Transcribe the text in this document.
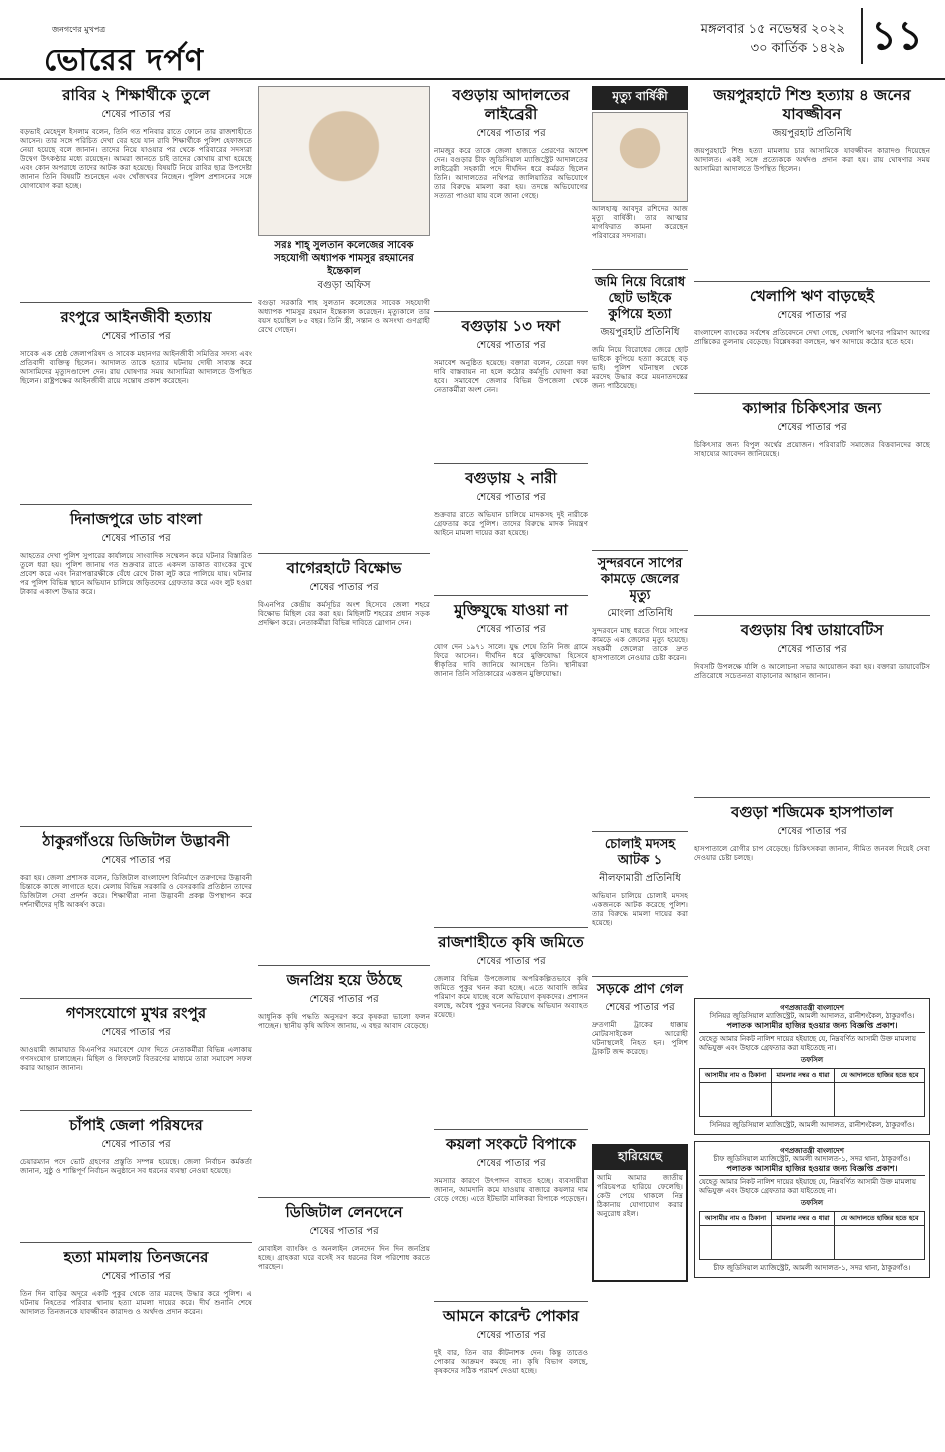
জনগণের মুখপত্র
ভোরের দর্পণ
মঙ্গলবার ১৫ নভেম্বর ২০২২
৩০ কার্তিক ১৪২৯ ১১
রাবির ২ শিক্ষার্থীকে তুলে
শেষের পাতার পর
বড়ভাই মেহেদুল ইসলাম বলেন, তিনি গত শনিবার রাতে ফোনে তার রাজশাহীতে আসেন। তার সঙ্গে পরিচিত দেখা বের হয়ে যান রাবি শিক্ষার্থীকে পুলিশ হেফাজতে নেয়া হয়েছে বলে জানান। তাদের নিয়ে যাওয়ার পর থেকে পরিবারের সদস্যরা উদ্বেগ উৎকণ্ঠার মধ্যে রয়েছেন। আমরা জানতে চাই তাদের কোথায় রাখা হয়েছে এবং কোন অপরাধে তাদের আটক করা হয়েছে। বিষয়টি নিয়ে রাবির ছাত্র উপদেষ্টা জানান তিনি বিষয়টি শুনেছেন এবং খোঁজখবর নিচ্ছেন। পুলিশ প্রশাসনের সঙ্গে যোগাযোগ করা হচ্ছে।
রংপুরে আইনজীবী হত্যায়
শেষের পাতার পর
সাবেক এক শ্রেষ্ঠ জেলাপরিষদ ও সাবেক মহানগর আইনজীবী সমিতির সদস্য এবং প্রতিবাদী ব্যক্তিত্ব ছিলেন। আদালত তাকে হত্যার ঘটনায় দোষী সাব্যস্ত করে আসামিদের মৃত্যুদণ্ডাদেশ দেন। রায় ঘোষণার সময় আসামিরা আদালতে উপস্থিত ছিলেন। রাষ্ট্রপক্ষের আইনজীবী রায়ে সন্তোষ প্রকাশ করেছেন।
দিনাজপুরে ডাচ বাংলা
শেষের পাতার পর
আহতের দেখা পুলিশ সুপারের কার্যালয়ে সাংবাদিক সম্মেলন করে ঘটনার বিস্তারিত তুলে ধরা হয়। পুলিশ জানায় গত শুক্রবার রাতে একদল ডাকাত ব্যাংকের বুথে প্রবেশ করে এবং নিরাপত্তারক্ষীকে বেঁধে রেখে টাকা লুট করে পালিয়ে যায়। ঘটনার পর পুলিশ বিভিন্ন স্থানে অভিযান চালিয়ে জড়িতদের গ্রেফতার করে এবং লুট হওয়া টাকার একাংশ উদ্ধার করে।
ঠাকুরগাঁওয়ে ডিজিটাল উদ্ভাবনী
শেষের পাতার পর
করা হয়। জেলা প্রশাসক বলেন, ডিজিটাল বাংলাদেশ বিনির্মাণে তরুণদের উদ্ভাবনী চিন্তাকে কাজে লাগাতে হবে। মেলায় বিভিন্ন সরকারি ও বেসরকারি প্রতিষ্ঠান তাদের ডিজিটাল সেবা প্রদর্শন করে। শিক্ষার্থীরা নানা উদ্ভাবনী প্রকল্প উপস্থাপন করে দর্শনার্থীদের দৃষ্টি আকর্ষণ করে।
গণসংযোগে মুখর রংপুর
শেষের পাতার পর
আওয়ামী জামায়াত বিএনপির সমাবেশে যোগ দিতে নেতাকর্মীরা বিভিন্ন এলাকায় গণসংযোগ চালাচ্ছেন। মিছিল ও লিফলেট বিতরণের মাধ্যমে তারা সমাবেশ সফল করার আহ্বান জানান।
চাঁপাই জেলা পরিষদের
শেষের পাতার পর
চেয়ারম্যান পদে ভোট গ্রহণের প্রস্তুতি সম্পন্ন হয়েছে। জেলা নির্বাচন কর্মকর্তা জানান, সুষ্ঠু ও শান্তিপূর্ণ নির্বাচন অনুষ্ঠানে সব ধরনের ব্যবস্থা নেওয়া হয়েছে।
হত্যা মামলায় তিনজনের
শেষের পাতার পর
তিন দিন বাড়ির অদূরে একটি পুকুর থেকে তার মরদেহ উদ্ধার করে পুলিশ। এ ঘটনায় নিহতের পরিবার থানায় হত্যা মামলা দায়ের করে। দীর্ঘ শুনানি শেষে আদালত তিনজনকে যাবজ্জীবন কারাদণ্ড ও অর্থদণ্ড প্রদান করেন।
সরঃ শাহ্ সুলতান কলেজের সাবেক সহযোগী অধ্যাপক শামসুর রহমানের ইন্তেকাল
বগুড়া অফিস
বগুড়া সরকারি শাহ সুলতান কলেজের সাবেক সহযোগী অধ্যাপক শামসুর রহমান ইন্তেকাল করেছেন। মৃত্যুকালে তার বয়স হয়েছিল ৮৫ বছর। তিনি স্ত্রী, সন্তান ও অসংখ্য গুণগ্রাহী রেখে গেছেন।
বাগেরহাটে বিক্ষোভ
শেষের পাতার পর
বিএনপির কেন্দ্রীয় কর্মসূচির অংশ হিসেবে জেলা শহরে বিক্ষোভ মিছিল বের করা হয়। মিছিলটি শহরের প্রধান সড়ক প্রদক্ষিণ করে। নেতাকর্মীরা বিভিন্ন দাবিতে স্লোগান দেন।
জনপ্রিয় হয়ে উঠছে
শেষের পাতার পর
আধুনিক কৃষি পদ্ধতি অনুসরণ করে কৃষকরা ভালো ফলন পাচ্ছেন। স্থানীয় কৃষি অফিস জানায়, এ বছর আবাদ বেড়েছে।
ডিজিটাল লেনদেনে
শেষের পাতার পর
মোবাইল ব্যাংকিং ও অনলাইন লেনদেন দিন দিন জনপ্রিয় হচ্ছে। গ্রাহকরা ঘরে বসেই সব ধরনের বিল পরিশোধ করতে পারছেন।
বগুড়ায় আদালতের লাইব্রেরী
শেষের পাতার পর
নামজুর করে তাকে জেলা হাজতে প্রেরণের আদেশ দেন। বগুড়ার চীফ জুডিসিয়াল ম্যাজিস্ট্রেট আদালতের লাইব্রেরী সহকারী পদে দীর্ঘদিন ধরে কর্মরত ছিলেন তিনি। আদালতের নথিপত্র জালিয়াতির অভিযোগে তার বিরুদ্ধে মামলা করা হয়। তদন্তে অভিযোগের সত্যতা পাওয়া যায় বলে জানা গেছে।
বগুড়ায় ১৩ দফা
শেষের পাতার পর
সমাবেশ অনুষ্ঠিত হয়েছে। বক্তারা বলেন, তেরো দফা দাবি বাস্তবায়ন না হলে কঠোর কর্মসূচি ঘোষণা করা হবে। সমাবেশে জেলার বিভিন্ন উপজেলা থেকে নেতাকর্মীরা অংশ নেন।
বগুড়ায় ২ নারী
শেষের পাতার পর
শুক্রবার রাতে অভিযান চালিয়ে মাদকসহ দুই নারীকে গ্রেফতার করে পুলিশ। তাদের বিরুদ্ধে মাদক নিয়ন্ত্রণ আইনে মামলা দায়ের করা হয়েছে।
মুক্তিযুদ্ধে যাওয়া না
শেষের পাতার পর
যোগ দেন ১৯৭১ সালে। যুদ্ধ শেষে তিনি নিজ গ্রামে ফিরে আসেন। দীর্ঘদিন ধরে মুক্তিযোদ্ধা হিসেবে স্বীকৃতির দাবি জানিয়ে আসছেন তিনি। স্থানীয়রা জানান তিনি সত্যিকারের একজন মুক্তিযোদ্ধা।
রাজশাহীতে কৃষি জমিতে
শেষের পাতার পর
জেলার বিভিন্ন উপজেলায় অপরিকল্পিতভাবে কৃষি জমিতে পুকুর খনন করা হচ্ছে। এতে আবাদি জমির পরিমাণ কমে যাচ্ছে বলে অভিযোগ কৃষকদের। প্রশাসন বলছে, অবৈধ পুকুর খননের বিরুদ্ধে অভিযান অব্যাহত রয়েছে।
কয়লা সংকটে বিপাকে
শেষের পাতার পর
সমস্যার কারণে উৎপাদন ব্যাহত হচ্ছে। ব্যবসায়ীরা জানান, আমদানি কমে যাওয়ায় বাজারে কয়লার দাম বেড়ে গেছে। এতে ইটভাটা মালিকরা বিপাকে পড়েছেন।
আমনে কারেন্ট পোকার
শেষের পাতার পর
দুই বার, তিন বার কীটনাশক দেন। কিন্তু তাতেও পোকার আক্রমণ কমছে না। কৃষি বিভাগ বলছে, কৃষকদের সঠিক পরামর্শ দেওয়া হচ্ছে।
মৃত্যু বার্ষিকী
আলহাজ্ব আবদুর রশিদের আজ মৃত্যু বার্ষিকী। তার আত্মার মাগফিরাত কামনা করেছেন পরিবারের সদস্যরা।
জমি নিয়ে বিরোধ ছোট ভাইকে কুপিয়ে হত্যা
জয়পুরহাট প্রতিনিধি
জমি নিয়ে বিরোধের জেরে ছোট ভাইকে কুপিয়ে হত্যা করেছে বড় ভাই। পুলিশ ঘটনাস্থল থেকে মরদেহ উদ্ধার করে ময়নাতদন্তের জন্য পাঠিয়েছে।
সুন্দরবনে সাপের কামড়ে জেলের মৃত্যু
মোংলা প্রতিনিধি
সুন্দরবনে মাছ ধরতে গিয়ে সাপের কামড়ে এক জেলের মৃত্যু হয়েছে। সহকর্মী জেলেরা তাকে দ্রুত হাসপাতালে নেওয়ার চেষ্টা করেন।
চোলাই মদসহ আটক ১
নীলফামারী প্রতিনিধি
অভিযান চালিয়ে চোলাই মদসহ একজনকে আটক করেছে পুলিশ। তার বিরুদ্ধে মামলা দায়ের করা হয়েছে।
সড়কে প্রাণ গেল
শেষের পাতার পর
দ্রুতগামী ট্রাকের ধাক্কায় মোটরসাইকেল আরোহী ঘটনাস্থলেই নিহত হন। পুলিশ ট্রাকটি জব্দ করেছে।
হারিয়েছে
আমি আমার জাতীয় পরিচয়পত্র হারিয়ে ফেলেছি। কেউ পেয়ে থাকলে নিম্ন ঠিকানায় যোগাযোগ করার অনুরোধ রইল।
জয়পুরহাটে শিশু হত্যায় ৪ জনের যাবজ্জীবন
জয়পুরহাট প্রতিনিধি
জয়পুরহাটে শিশু হত্যা মামলায় চার আসামিকে যাবজ্জীবন কারাদণ্ড দিয়েছেন আদালত। একই সঙ্গে প্রত্যেককে অর্থদণ্ড প্রদান করা হয়। রায় ঘোষণার সময় আসামিরা আদালতে উপস্থিত ছিলেন।
খেলাপি ঋণ বাড়ছেই
শেষের পাতার পর
বাংলাদেশ ব্যাংকের সর্বশেষ প্রতিবেদনে দেখা গেছে, খেলাপি ঋণের পরিমাণ আগের প্রান্তিকের তুলনায় বেড়েছে। বিশ্লেষকরা বলছেন, ঋণ আদায়ে কঠোর হতে হবে।
ক্যান্সার চিকিৎসার জন্য
শেষের পাতার পর
চিকিৎসার জন্য বিপুল অর্থের প্রয়োজন। পরিবারটি সমাজের বিত্তবানদের কাছে সাহায্যের আবেদন জানিয়েছে।
বগুড়ায় বিশ্ব ডায়াবেটিস
শেষের পাতার পর
দিবসটি উপলক্ষে র্যালি ও আলোচনা সভার আয়োজন করা হয়। বক্তারা ডায়াবেটিস প্রতিরোধে সচেতনতা বাড়ানোর আহ্বান জানান।
বগুড়া শজিমেক হাসপাতাল
শেষের পাতার পর
হাসপাতালে রোগীর চাপ বেড়েছে। চিকিৎসকরা জানান, সীমিত জনবল দিয়েই সেবা দেওয়ার চেষ্টা চলছে।
গণপ্রজাতন্ত্রী বাংলাদেশ
সিনিয়র জুডিসিয়াল ম্যাজিস্ট্রেট, আমলী আদালত, রানীশংকৈল, ঠাকুরগাঁও।
পলাতক আসামীর হাজির হওয়ার জন্য বিজ্ঞপ্তি প্রকাশ।
যেহেতু আমার নিকট নালিশ দায়ের হইয়াছে যে, নিম্নবর্ণিত আসামী উক্ত মামলায় অভিযুক্ত এবং উহাকে গ্রেফতার করা যাইতেছে না।
তফসিল
আসামীর নাম ও ঠিকানা	মামলার নম্বর ও ধারা	যে আদালতে হাজির হতে হবে

সিনিয়র জুডিসিয়াল ম্যাজিস্ট্রেট, আমলী আদালত, রানীশংকৈল, ঠাকুরগাঁও।
গণপ্রজাতন্ত্রী বাংলাদেশ
চীফ জুডিসিয়াল ম্যাজিস্ট্রেট, আমলী আদালত-১, সদর থানা, ঠাকুরগাঁও।
পলাতক আসামীর হাজির হওয়ার জন্য বিজ্ঞপ্তি প্রকাশ।
যেহেতু আমার নিকট নালিশ দায়ের হইয়াছে যে, নিম্নবর্ণিত আসামী উক্ত মামলায় অভিযুক্ত এবং উহাকে গ্রেফতার করা যাইতেছে না।
তফসিল
আসামীর নাম ও ঠিকানা	মামলার নম্বর ও ধারা	যে আদালতে হাজির হতে হবে

চীফ জুডিসিয়াল ম্যাজিস্ট্রেট, আমলী আদালত-১, সদর থানা, ঠাকুরগাঁও।
